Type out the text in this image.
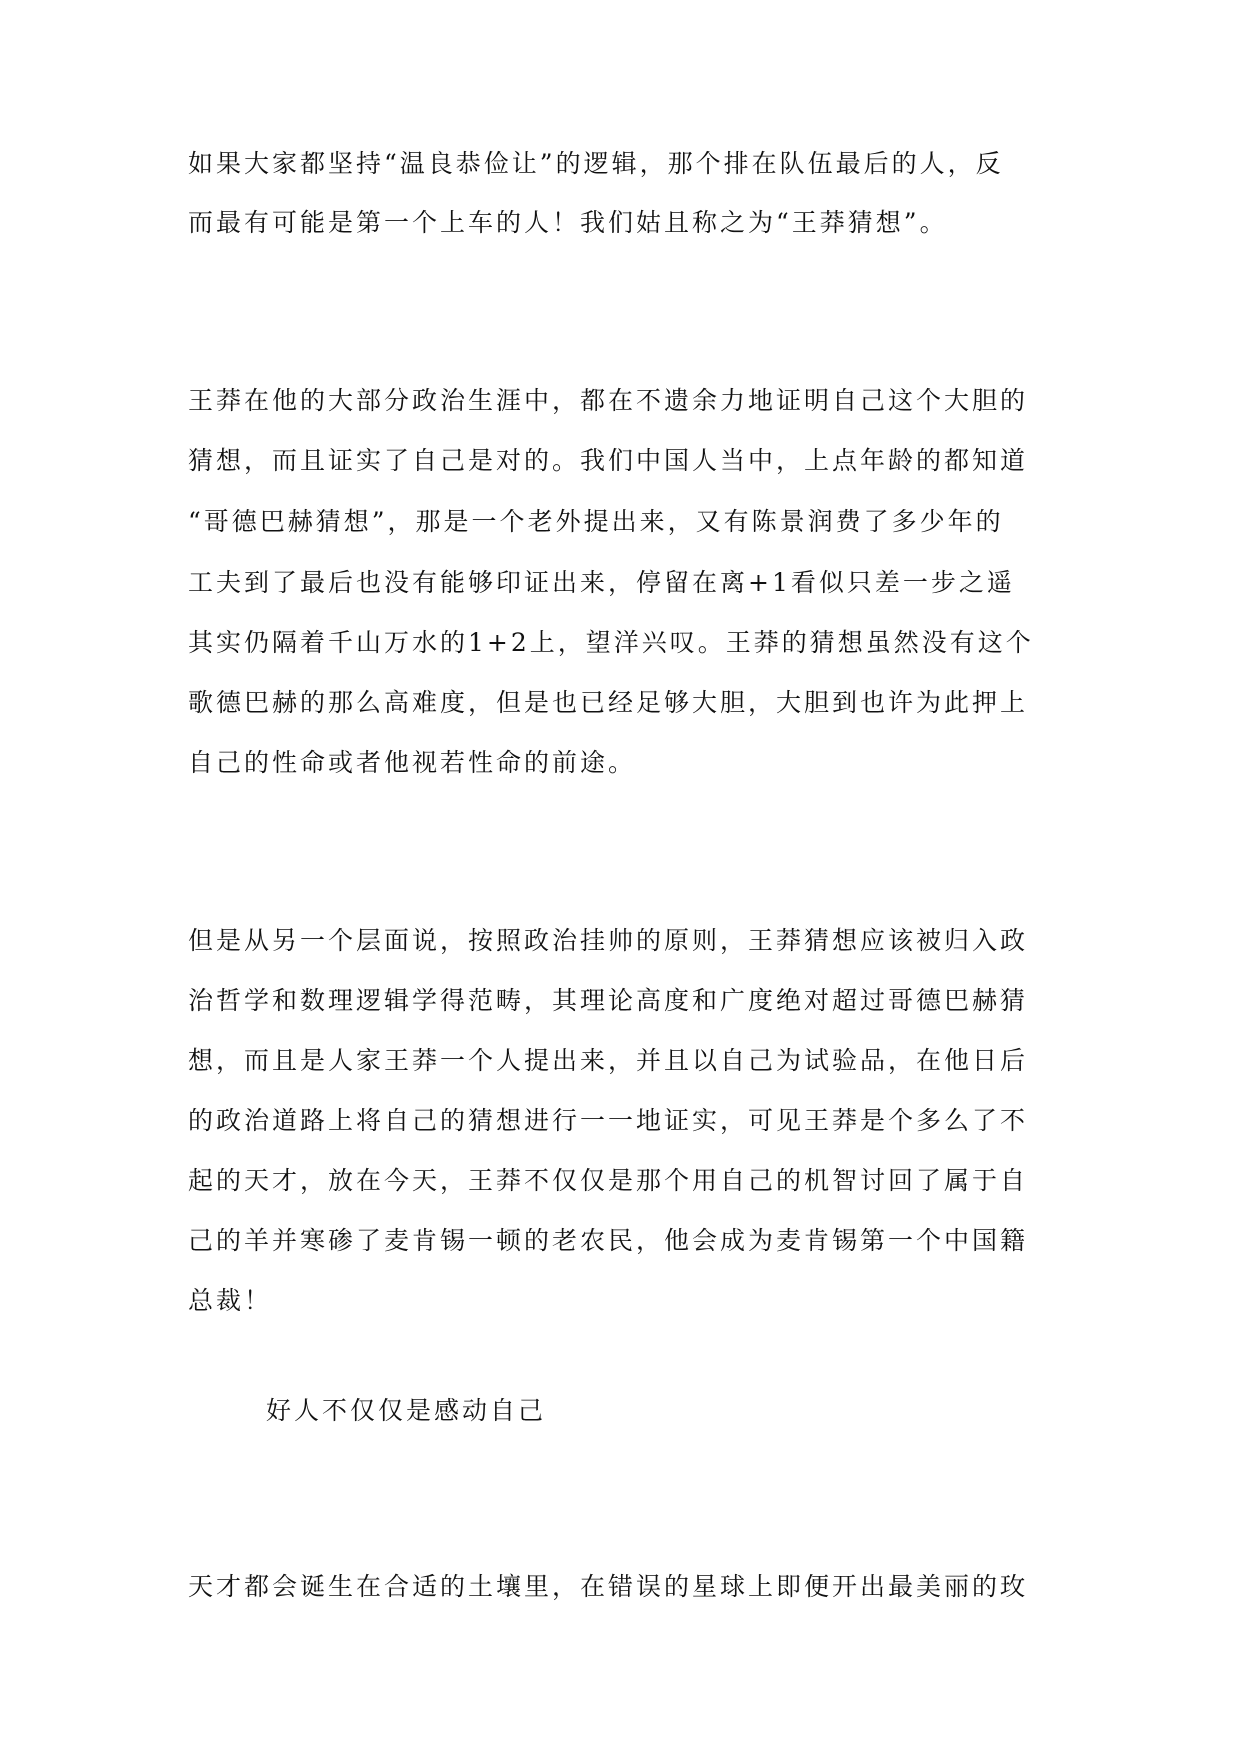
如果大家都坚持“温良恭俭让”的逻辑，那个排在队伍最后的人，反
而最有可能是第一个上车的人！我们姑且称之为“王莽猜想”。
王莽在他的大部分政治生涯中，都在不遗余力地证明自己这个大胆的
猜想，而且证实了自己是对的。我们中国人当中，上点年龄的都知道
“哥德巴赫猜想”，那是一个老外提出来，又有陈景润费了多少年的
工夫到了最后也没有能够印证出来，停留在离+1看似只差一步之遥
其实仍隔着千山万水的1+2上，望洋兴叹。王莽的猜想虽然没有这个
歌德巴赫的那么高难度，但是也已经足够大胆，大胆到也许为此押上
自己的性命或者他视若性命的前途。
但是从另一个层面说，按照政治挂帅的原则，王莽猜想应该被归入政
治哲学和数理逻辑学得范畴，其理论高度和广度绝对超过哥德巴赫猜
想，而且是人家王莽一个人提出来，并且以自己为试验品，在他日后
的政治道路上将自己的猜想进行一一地证实，可见王莽是个多么了不
起的天才，放在今天，王莽不仅仅是那个用自己的机智讨回了属于自
己的羊并寒碜了麦肯锡一顿的老农民，他会成为麦肯锡第一个中国籍
总裁！
好人不仅仅是感动自己
天才都会诞生在合适的土壤里，在错误的星球上即便开出最美丽的玫
